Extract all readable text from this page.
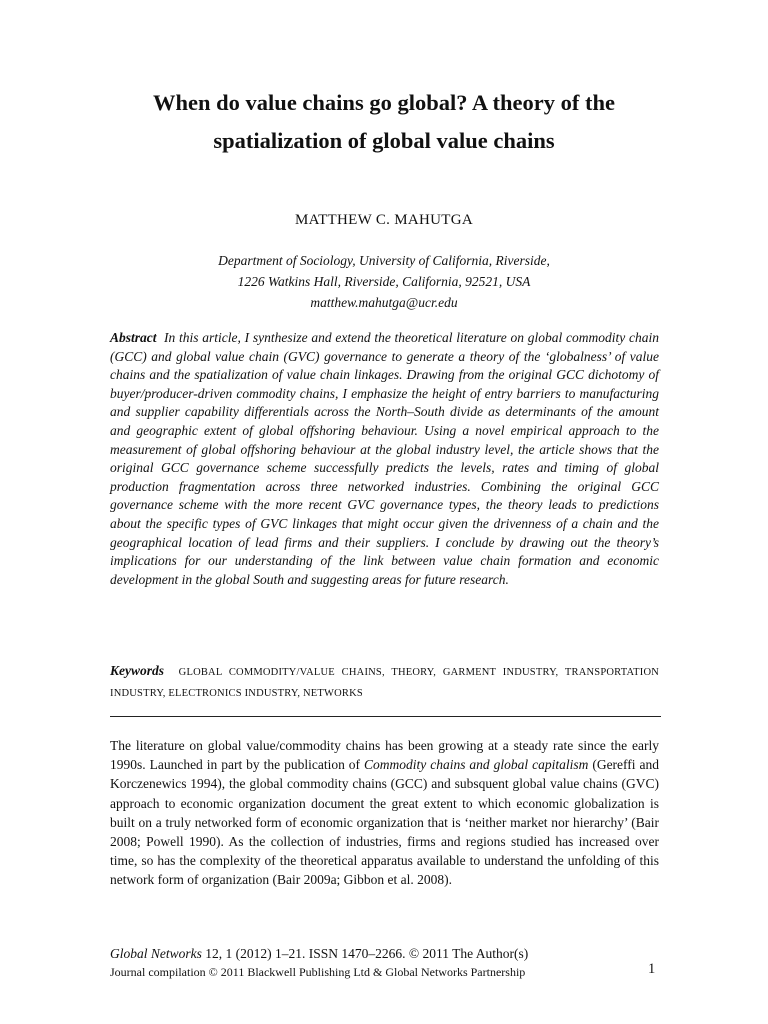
When do value chains go global? A theory of the
spatialization of global value chains
MATTHEW C. MAHUTGA
Department of Sociology, University of California, Riverside,
1226 Watkins Hall, Riverside, California, 92521, USA
matthew.mahutga@ucr.edu
Abstract In this article, I synthesize and extend the theoretical literature on global commodity chain (GCC) and global value chain (GVC) governance to generate a theory of the ‘globalness’ of value chains and the spatialization of value chain linkages. Drawing from the original GCC dichotomy of buyer/producer-driven commodity chains, I emphasize the height of entry barriers to manufacturing and supplier capability differentials across the North–South divide as determinants of the amount and geographic extent of global offshoring behaviour. Using a novel empirical approach to the measurement of global offshoring behaviour at the global industry level, the article shows that the original GCC governance scheme successfully predicts the levels, rates and timing of global production fragmentation across three networked industries. Combining the original GCC governance scheme with the more recent GVC governance types, the theory leads to predictions about the specific types of GVC linkages that might occur given the drivenness of a chain and the geographical location of lead firms and their suppliers. I conclude by drawing out the theory’s implications for our understanding of the link between value chain formation and economic development in the global South and suggesting areas for future research.
Keywords GLOBAL COMMODITY/VALUE CHAINS, THEORY, GARMENT INDUSTRY, TRANSPORTATION INDUSTRY, ELECTRONICS INDUSTRY, NETWORKS
The literature on global value/commodity chains has been growing at a steady rate since the early 1990s. Launched in part by the publication of Commodity chains and global capitalism (Gereffi and Korczenewics 1994), the global commodity chains (GCC) and subsquent global value chains (GVC) approach to economic organization document the great extent to which economic globalization is built on a truly networked form of economic organization that is ‘neither market nor hierarchy’ (Bair 2008; Powell 1990). As the collection of industries, firms and regions studied has increased over time, so has the complexity of the theoretical apparatus available to understand the unfolding of this network form of organization (Bair 2009a; Gibbon et al. 2008).
Global Networks 12, 1 (2012) 1–21. ISSN 1470–2266. © 2011 The Author(s)
Journal compilation © 2011 Blackwell Publishing Ltd & Global Networks Partnership	1
